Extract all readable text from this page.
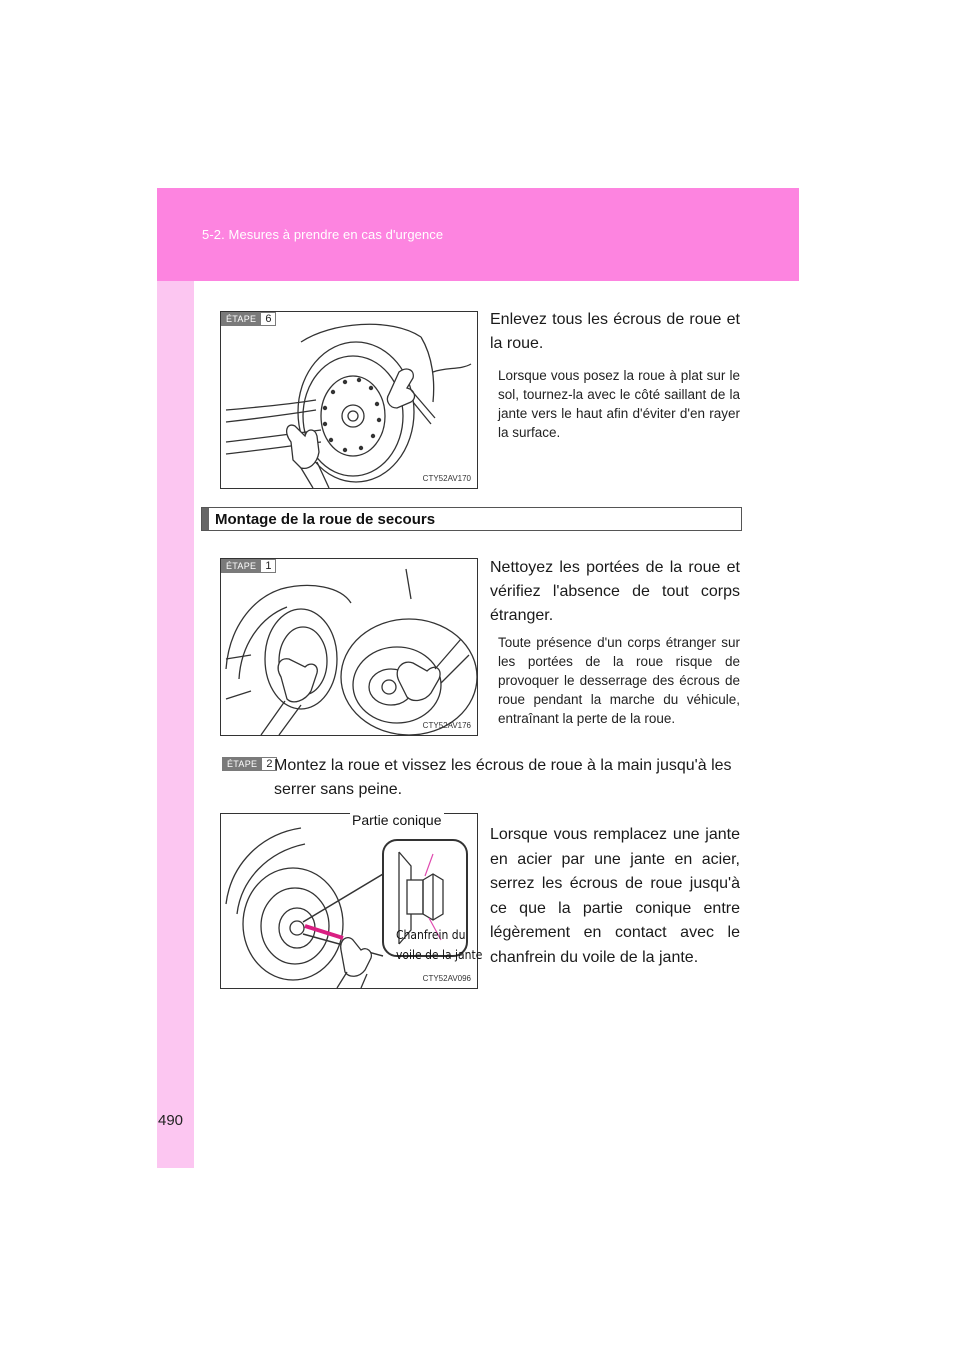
5-2. Mesures à prendre en cas d'urgence
ÉTAPE 6
CTY52AV170
Enlevez tous les écrous de roue et la roue.
Lorsque vous posez la roue à plat sur le sol, tournez-la avec le côté saillant de la jante vers le haut afin d'éviter d'en rayer la surface.
Montage de la roue de secours
ÉTAPE 1
CTY52AV176
Nettoyez les portées de la roue et vérifiez l'absence de tout corps étranger.
Toute présence d'un corps étranger sur les portées de la roue risque de provoquer le desserrage des écrous de roue pendant la marche du véhicule, entraînant la perte de la roue.
ÉTAPE 2 Montez la roue et vissez les écrous de roue à la main jusqu'à les serrer sans peine.
CTY52AV096
Partie conique
Chanfrein du
voile de la jante
Lorsque vous remplacez une jante en acier par une jante en acier, serrez les écrous de roue jusqu'à ce que la partie conique entre légèrement en contact avec le chanfrein du voile de la jante.
490
